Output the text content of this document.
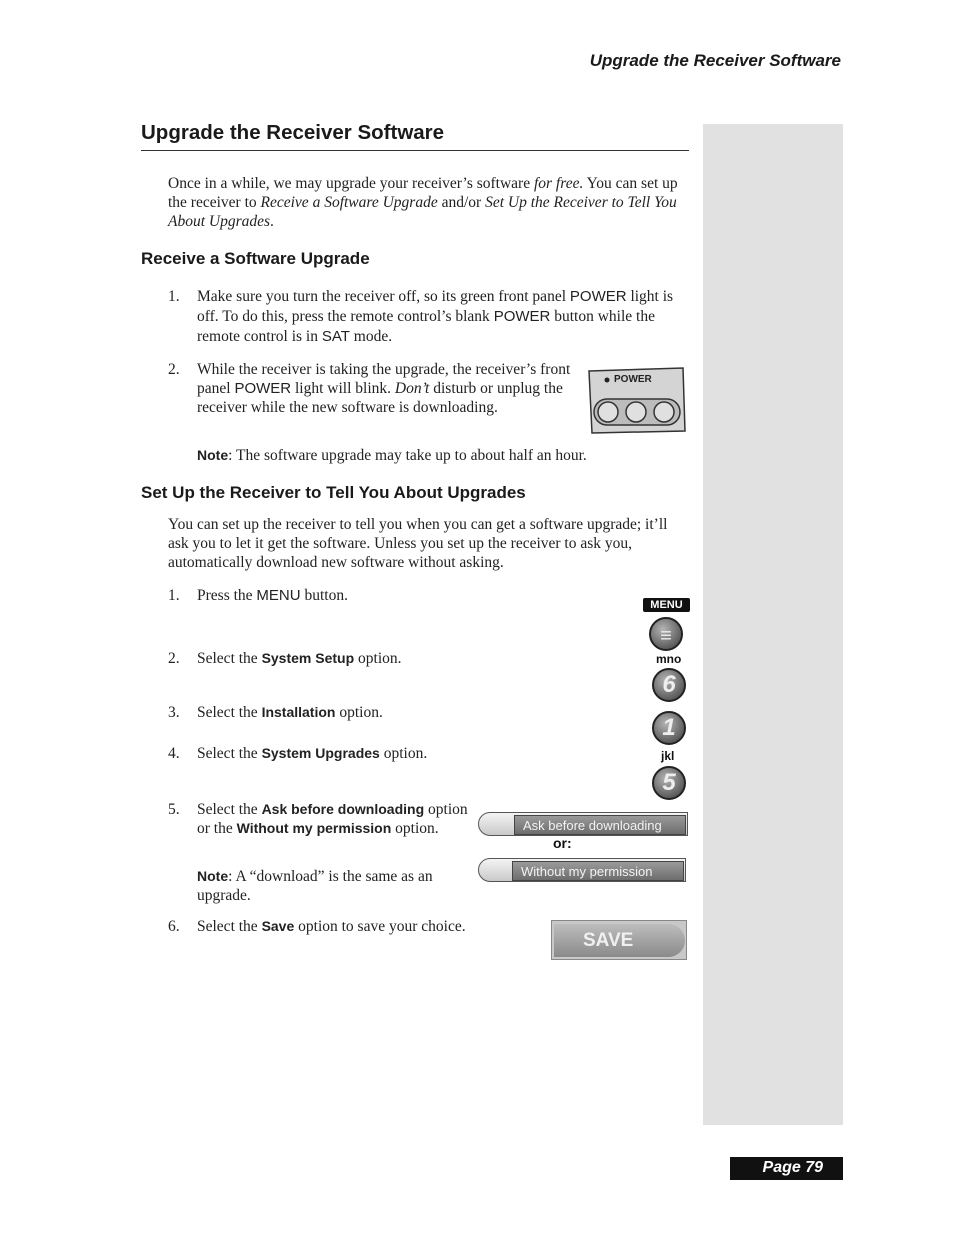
Upgrade the Receiver Software
Upgrade the Receiver Software
Once in a while, we may upgrade your receiver’s software for free. You can set up the receiver to Receive a Software Upgrade and/or Set Up the Receiver to Tell You About Upgrades.
Receive a Software Upgrade
1. Make sure you turn the receiver off, so its green front panel POWER light is off. To do this, press the remote control’s blank POWER button while the remote control is in SAT mode.
2. While the receiver is taking the upgrade, the receiver’s front panel POWER light will blink. Don’t disturb or unplug the receiver while the new software is downloading.
POWER
Note: The software upgrade may take up to about half an hour.
Set Up the Receiver to Tell You About Upgrades
You can set up the receiver to tell you when you can get a software upgrade; it’ll ask you to let it get the software. Unless you set up the receiver to ask you, automatically download new software without asking.
1. Press the MENU button.
2. Select the System Setup option.
3. Select the Installation option.
4. Select the System Upgrades option.
5. Select the Ask before downloading option or the Without my permission option.
Note: A “download” is the same as an upgrade.
6. Select the Save option to save your choice.
MENU
≡
mno
6
1
jkl
5
Ask before downloading
or:
Without my permission
SAVE
Page 79
